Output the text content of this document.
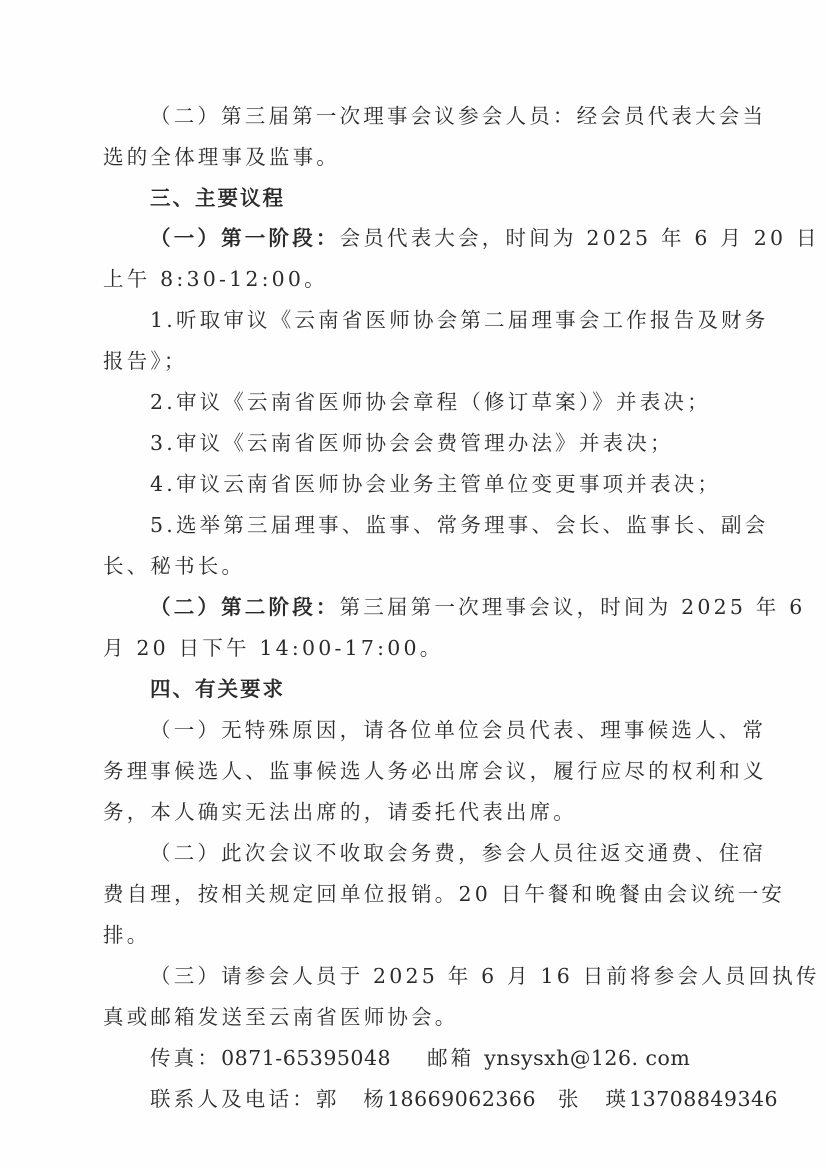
（二）第三届第一次理事会议参会人员：经会员代表大会当
选的全体理事及监事。
三、主要议程
（一）第一阶段：会员代表大会，时间为 2025 年 6 月 20 日
上午 8:30-12:00。
1.听取审议《云南省医师协会第二届理事会工作报告及财务
报告》；
2.审议《云南省医师协会章程（修订草案）》并表决；
3.审议《云南省医师协会会费管理办法》并表决；
4.审议云南省医师协会业务主管单位变更事项并表决；
5.选举第三届理事、监事、常务理事、会长、监事长、副会
长、秘书长。
（二）第二阶段：第三届第一次理事会议，时间为 2025 年 6
月 20 日下午 14:00-17:00。
四、有关要求
（一）无特殊原因，请各位单位会员代表、理事候选人、常
务理事候选人、监事候选人务必出席会议，履行应尽的权利和义
务，本人确实无法出席的，请委托代表出席。
（二）此次会议不收取会务费，参会人员往返交通费、住宿
费自理，按相关规定回单位报销。20 日午餐和晚餐由会议统一安
排。
（三）请参会人员于 2025 年 6 月 16 日前将参会人员回执传
真或邮箱发送至云南省医师协会。
传真：0871-65395048 邮箱 ynsysxh@126. com
联系人及电话：郭　杨18669062366 张　瑛13708849346
